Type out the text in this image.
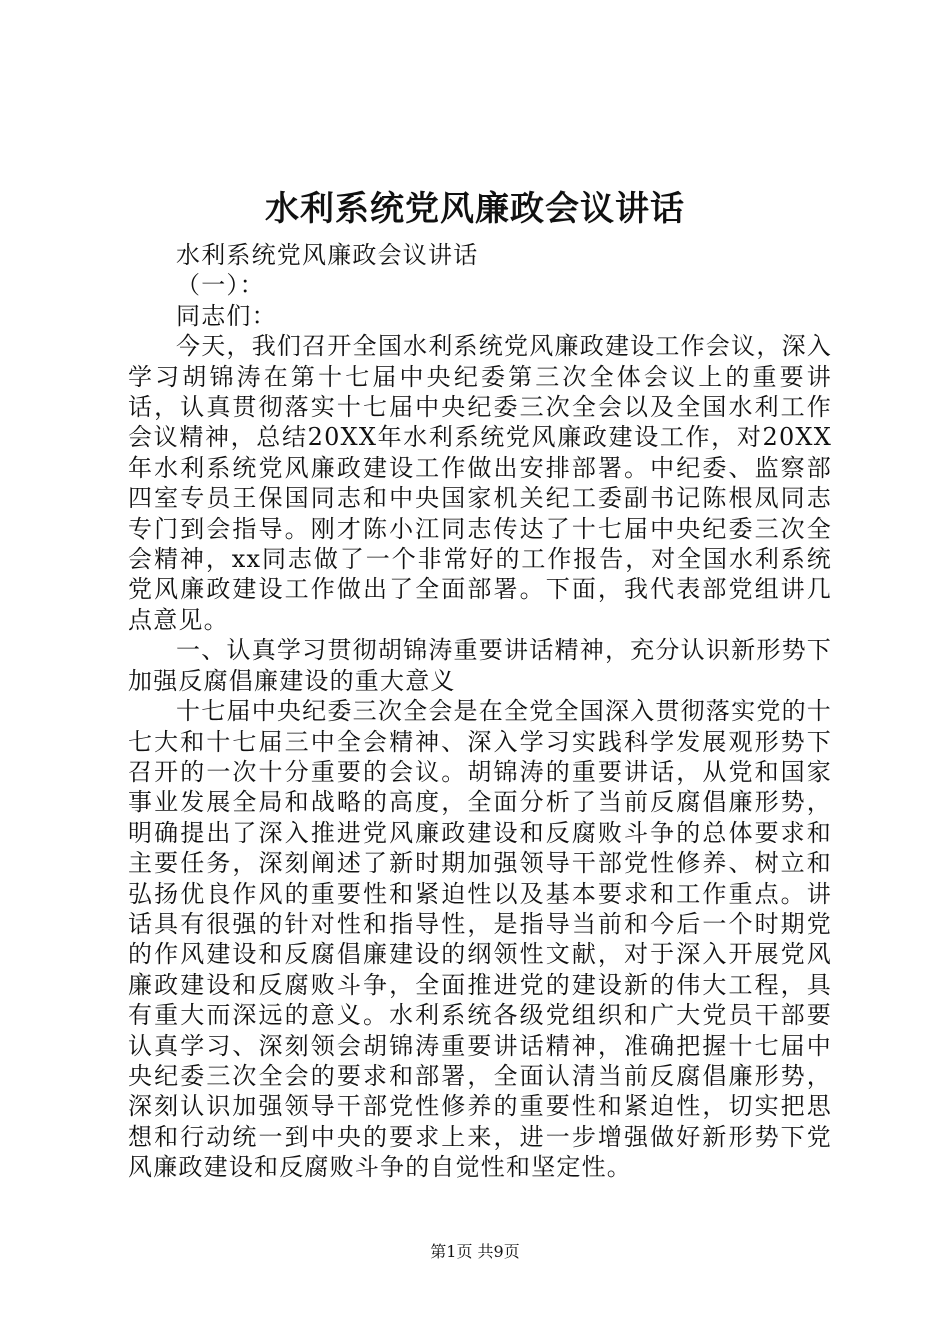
水利系统党风廉政会议讲话

水利系统党风廉政会议讲话

（一）：

同志们：

今天，我们召开全国水利系统党风廉政建设工作会议，深入学习胡锦涛在第十七届中央纪委第三次全体会议上的重要讲话，认真贯彻落实十七届中央纪委三次全会以及全国水利工作会议精神，总结20XX年水利系统党风廉政建设工作，对20XX年水利系统党风廉政建设工作做出安排部署。中纪委、监察部四室专员王保国同志和中央国家机关纪工委副书记陈根凤同志专门到会指导。刚才陈小江同志传达了十七届中央纪委三次全会精神，xx同志做了一个非常好的工作报告，对全国水利系统党风廉政建设工作做出了全面部署。下面，我代表部党组讲几点意见。

一、认真学习贯彻胡锦涛重要讲话精神，充分认识新形势下加强反腐倡廉建设的重大意义

十七届中央纪委三次全会是在全党全国深入贯彻落实党的十七大和十七届三中全会精神、深入学习实践科学发展观形势下召开的一次十分重要的会议。胡锦涛的重要讲话，从党和国家事业发展全局和战略的高度，全面分析了当前反腐倡廉形势，明确提出了深入推进党风廉政建设和反腐败斗争的总体要求和主要任务，深刻阐述了新时期加强领导干部党性修养、树立和弘扬优良作风的重要性和紧迫性以及基本要求和工作重点。讲话具有很强的针对性和指导性，是指导当前和今后一个时期党的作风建设和反腐倡廉建设的纲领性文献，对于深入开展党风廉政建设和反腐败斗争，全面推进党的建设新的伟大工程，具有重大而深远的意义。水利系统各级党组织和广大党员干部要认真学习、深刻领会胡锦涛重要讲话精神，准确把握十七届中央纪委三次全会的要求和部署，全面认清当前反腐倡廉形势，深刻认识加强领导干部党性修养的重要性和紧迫性，切实把思想和行动统一到中央的要求上来，进一步增强做好新形势下党风廉政建设和反腐败斗争的自觉性和坚定性。

第1页 共9页
